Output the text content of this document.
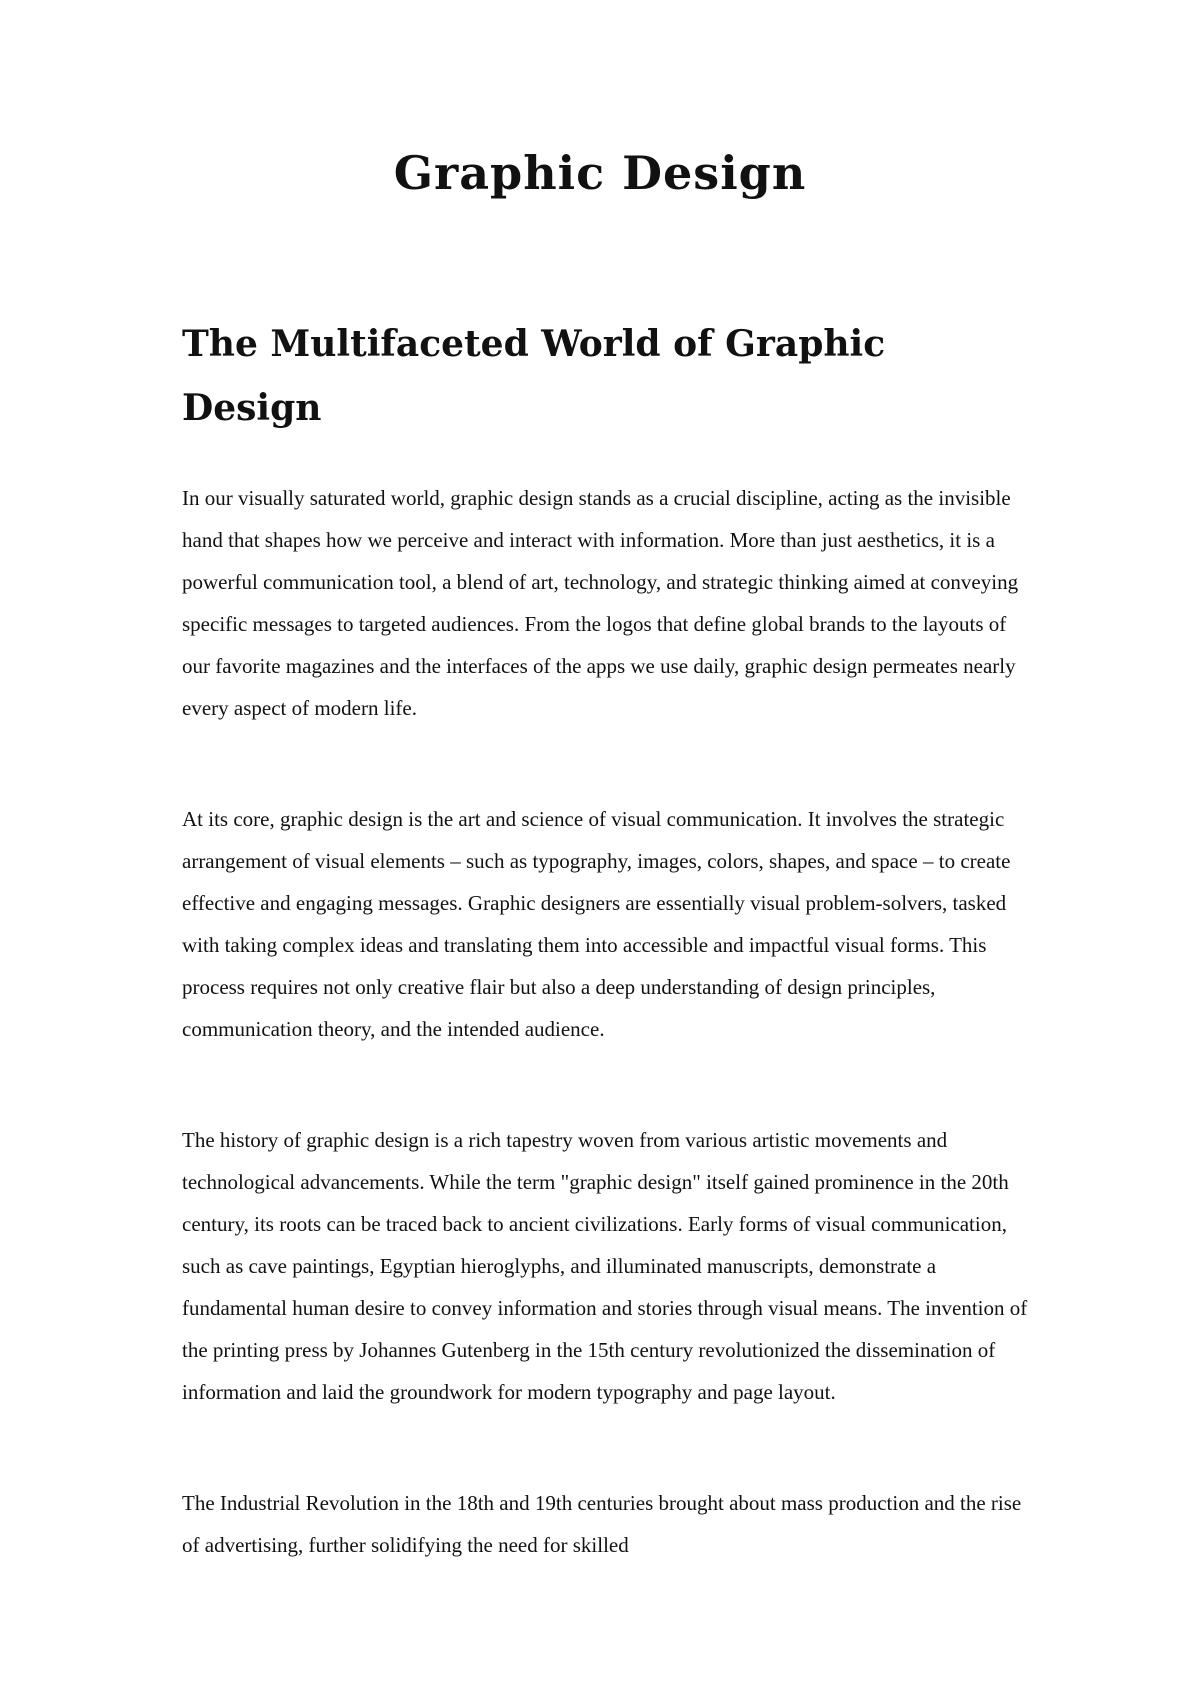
Graphic Design
The Multifaceted World of Graphic Design

In our visually saturated world, graphic design stands as a crucial discipline, acting as the invisible hand that shapes how we perceive and interact with information. More than just aesthetics, it is a powerful communication tool, a blend of art, technology, and strategic thinking aimed at conveying specific messages to targeted audiences. From the logos that define global brands to the layouts of our favorite magazines and the interfaces of the apps we use daily, graphic design permeates nearly every aspect of modern life.

At its core, graphic design is the art and science of visual communication. It involves the strategic arrangement of visual elements – such as typography, images, colors, shapes, and space – to create effective and engaging messages. Graphic designers are essentially visual problem-solvers, tasked with taking complex ideas and translating them into accessible and impactful visual forms. This process requires not only creative flair but also a deep understanding of design principles, communication theory, and the intended audience.

The history of graphic design is a rich tapestry woven from various artistic movements and technological advancements. While the term "graphic design" itself gained prominence in the 20th century, its roots can be traced back to ancient civilizations. Early forms of visual communication, such as cave paintings, Egyptian hieroglyphs, and illuminated manuscripts, demonstrate a fundamental human desire to convey information and stories through visual means. The invention of the printing press by Johannes Gutenberg in the 15th century revolutionized the dissemination of information and laid the groundwork for modern typography and page layout.

The Industrial Revolution in the 18th and 19th centuries brought about mass production and the rise of advertising, further solidifying the need for skilled
